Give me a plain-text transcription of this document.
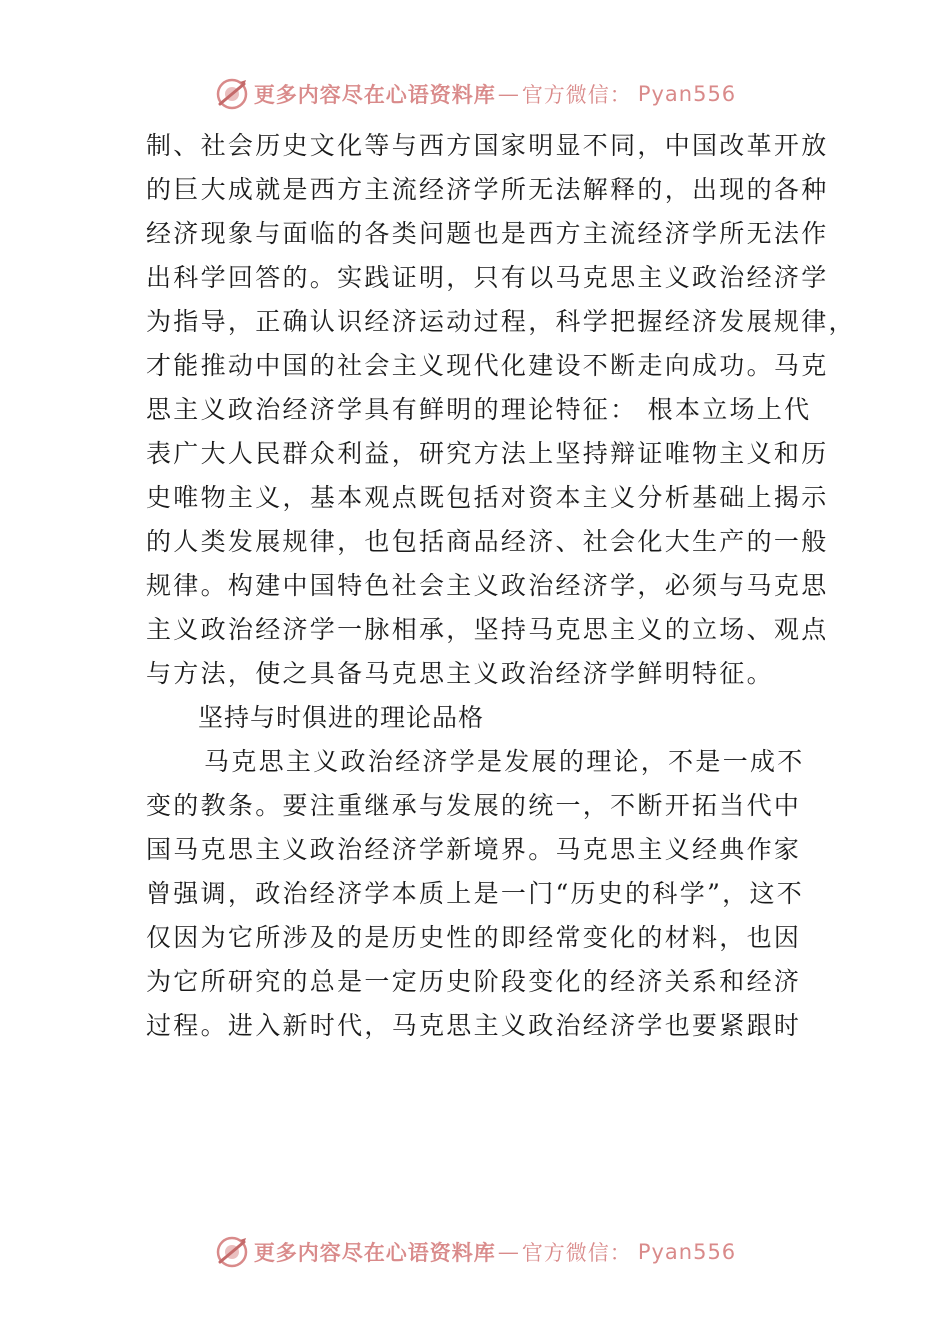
更多内容尽在心语资料库 — 官方微信： Pyan556
制、社会历史文化等与西方国家明显不同，中国改革开放
的巨大成就是西方主流经济学所无法解释的，出现的各种
经济现象与面临的各类问题也是西方主流经济学所无法作
出科学回答的。实践证明，只有以马克思主义政治经济学
为指导，正确认识经济运动过程，科学把握经济发展规律，
才能推动中国的社会主义现代化建设不断走向成功。马克
思主义政治经济学具有鲜明的理论特征： 根本立场上代
表广大人民群众利益，研究方法上坚持辩证唯物主义和历
史唯物主义，基本观点既包括对资本主义分析基础上揭示
的人类发展规律，也包括商品经济、社会化大生产的一般
规律。构建中国特色社会主义政治经济学，必须与马克思
主义政治经济学一脉相承，坚持马克思主义的立场、观点
与方法，使之具备马克思主义政治经济学鲜明特征。
坚持与时俱进的理论品格
马克思主义政治经济学是发展的理论，不是一成不
变的教条。要注重继承与发展的统一，不断开拓当代中
国马克思主义政治经济学新境界。马克思主义经典作家
曾强调，政治经济学本质上是一门“历史的科学”，这不
仅因为它所涉及的是历史性的即经常变化的材料，也因
为它所研究的总是一定历史阶段变化的经济关系和经济
过程。进入新时代，马克思主义政治经济学也要紧跟时
更多内容尽在心语资料库 — 官方微信： Pyan556
